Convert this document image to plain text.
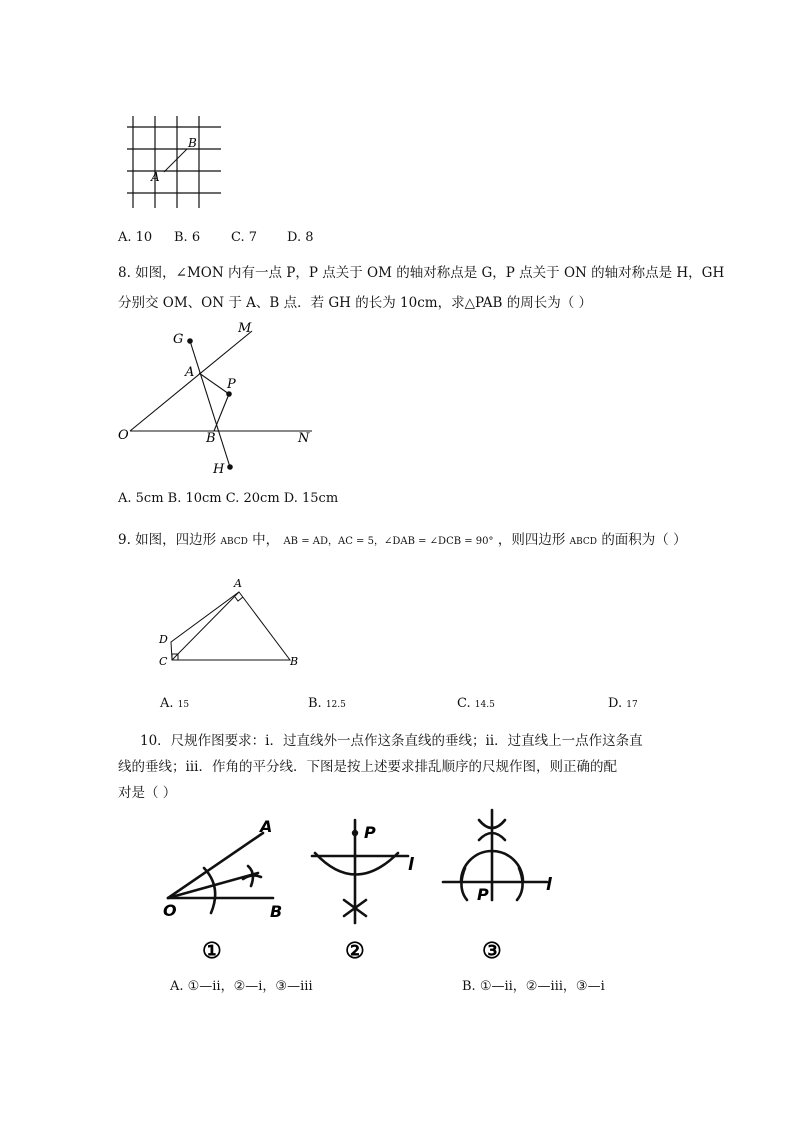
A
B
A. 10 B. 6 C. 7 D. 8
8. 如图，∠MON 内有一点 P，P 点关于 OM 的轴对称点是 G，P 点关于 ON 的轴对称点是 H，GH
分别交 OM、ON 于 A、B 点．若 GH 的长为 10cm，求△PAB 的周长为（ ）
G
M
A
P
O	B	N
H
A. 5cm B. 10cm C. 20cm D. 15cm
9. 如图，四边形 ABCD 中， AB = AD，AC = 5，∠DAB = ∠DCB = 90° ，则四边形 ABCD 的面积为（ ）
A
D
C	B
A. 15	B. 12.5	C. 14.5	D. 17
10．尺规作图要求：ⅰ．过直线外一点作这条直线的垂线；ⅱ．过直线上一点作这条直
线的垂线；ⅲ．作角的平分线．下图是按上述要求排乱顺序的尺规作图，则正确的配
对是（ ）
A
O	B
①
P
l
②
P	l
③
A. ①—ⅱ，②—ⅰ，③—ⅲ	B. ①—ⅱ，②—ⅲ，③—ⅰ
